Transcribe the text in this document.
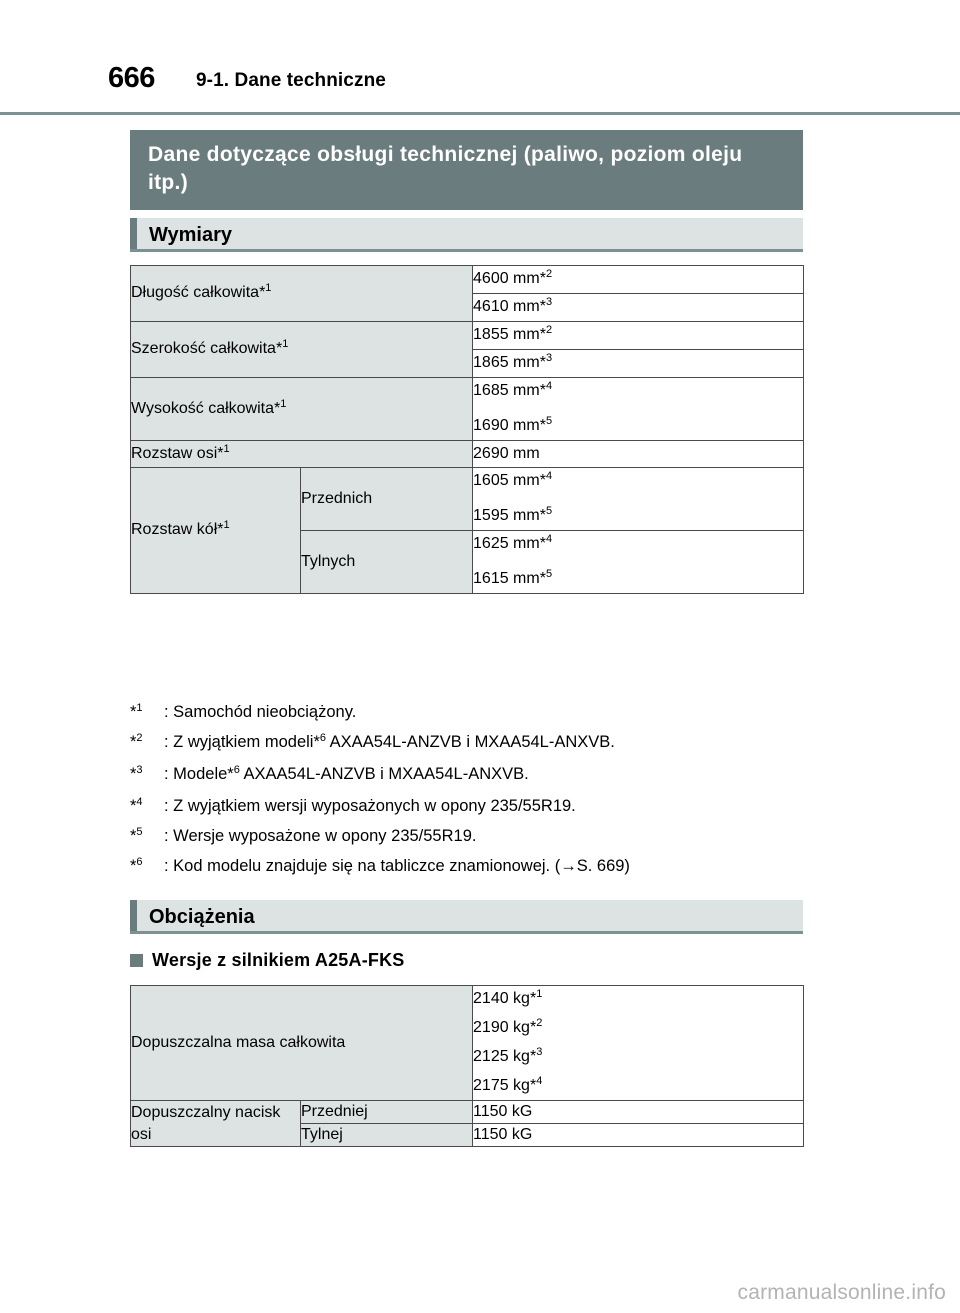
666 9-1. Dane techniczne
Dane dotyczące obsługi technicznej (paliwo, poziom oleju itp.)
Wymiary
Długość całkowita*$^1$		4600 mm*$^2$

		4610 mm*$^3$

Szerokość całkowita*$^1$		1855 mm*$^2$

		1865 mm*$^3$

Wysokość całkowita*$^1$		1685 mm*$^4$
1690 mm*$^5$

Rozstaw osi*$^1$		2690 mm

Rozstaw kół*$^1$	Przednich	1605 mm*$^4$
1595 mm*$^5$

	Tylnych	1625 mm*$^4$
1615 mm*$^5$
*$^1$ : Samochód nieobciążony.
*$^2$ : Z wyjątkiem modeli*$^6$ AXAA54L-ANZVB i MXAA54L-ANXVB.
*$^3$ : Modele*$^6$ AXAA54L-ANZVB i MXAA54L-ANXVB.
*$^4$ : Z wyjątkiem wersji wyposażonych w opony 235/55R19.
*$^5$ : Wersje wyposażone w opony 235/55R19.
*$^6$ : Kod modelu znajduje się na tabliczce znamionowej. (→S. 669)
Obciążenia
Wersje z silnikiem A25A-FKS
Dopuszczalna masa całkowita		2140 kg*$^1$
2190 kg*$^2$
2125 kg*$^3$
2175 kg*$^4$

Dopuszczalny nacisk osi	Przedniej	1150 kG
	Tylnej	1150 kG
carmanualsonline.info
